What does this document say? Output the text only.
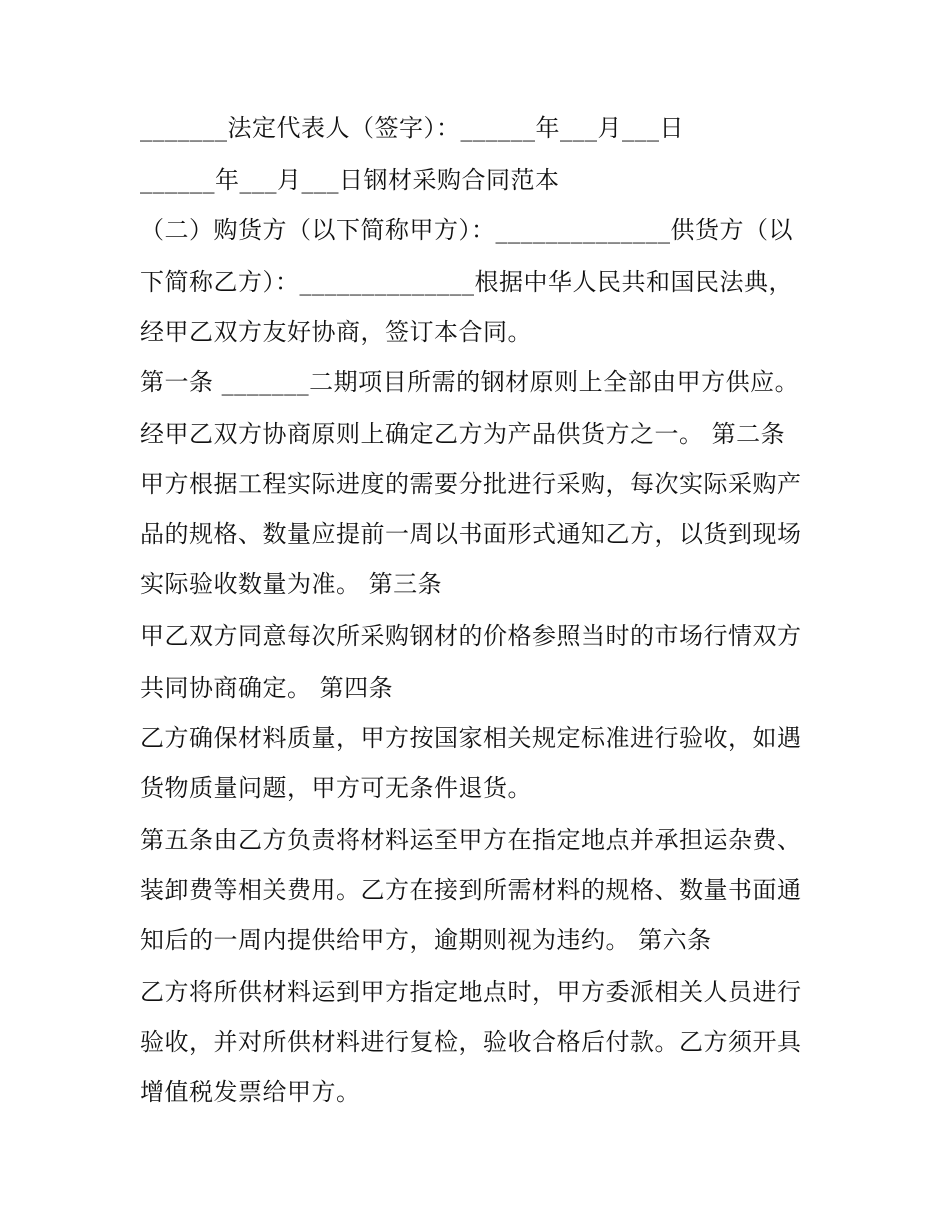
_______法定代表人（签字）：______年___月___日
______年___月___日钢材采购合同范本
（二）购货方（以下简称甲方）：______________供货方（以
下简称乙方）：______________根据中华人民共和国民法典，
经甲乙双方友好协商，签订本合同。
第一条 _______二期项目所需的钢材原则上全部由甲方供应。
经甲乙双方协商原则上确定乙方为产品供货方之一。 第二条
甲方根据工程实际进度的需要分批进行采购，每次实际采购产
品的规格、数量应提前一周以书面形式通知乙方，以货到现场
实际验收数量为准。 第三条
甲乙双方同意每次所采购钢材的价格参照当时的市场行情双方
共同协商确定。 第四条
乙方确保材料质量，甲方按国家相关规定标准进行验收，如遇
货物质量问题，甲方可无条件退货。
第五条由乙方负责将材料运至甲方在指定地点并承担运杂费、
装卸费等相关费用。乙方在接到所需材料的规格、数量书面通
知后的一周内提供给甲方，逾期则视为违约。 第六条
乙方将所供材料运到甲方指定地点时，甲方委派相关人员进行
验收，并对所供材料进行复检，验收合格后付款。乙方须开具
增值税发票给甲方。
